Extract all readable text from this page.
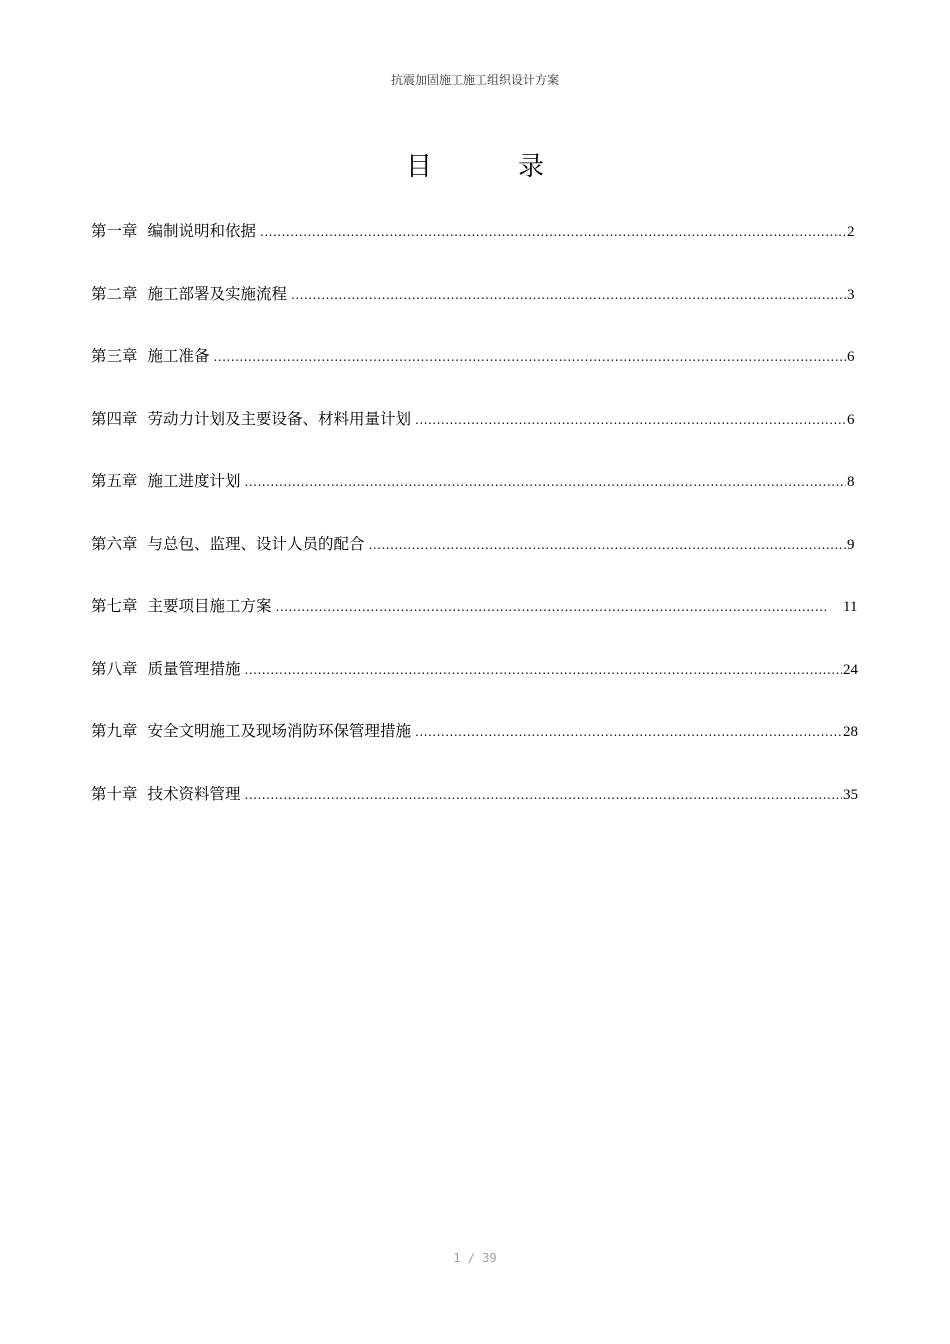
抗震加固施工施工组织设计方案
目	录
第一章 编制说明和依据 .....	2
第二章 施工部署及实施流程 .....	3
第三章 施工准备 .....	6
第四章 劳动力计划及主要设备、材料用量计划 .....	6
第五章 施工进度计划 .....	8
第六章 与总包、监理、设计人员的配合 .....	9
第七章 主要项目施工方案 .....	11
第八章 质量管理措施 .....	24
第九章 安全文明施工及现场消防环保管理措施 .....	28
第十章 技术资料管理 .....	35
1 / 39
